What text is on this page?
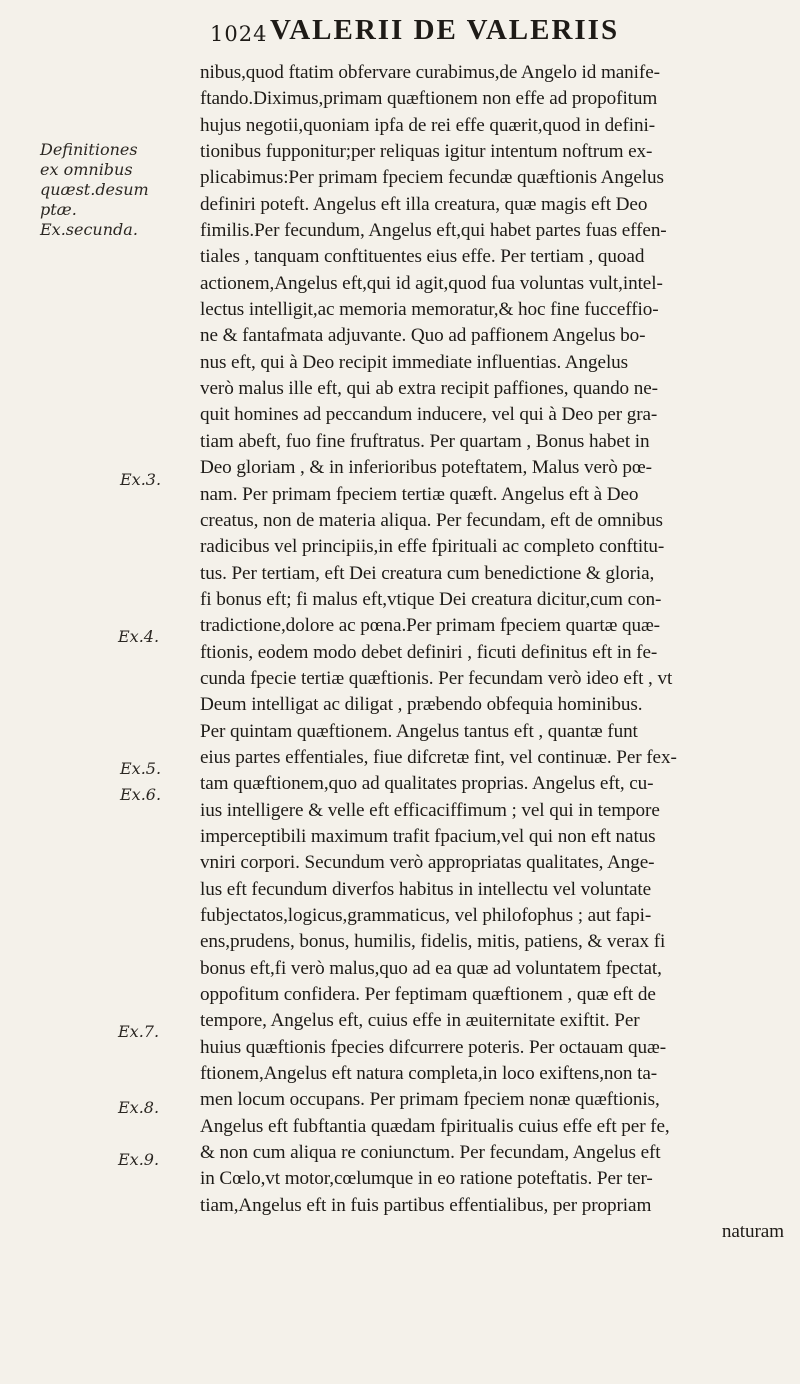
1024 VALERII DE VALERIIS
Definitiones
ex omnibus
quæst.desum
ptæ.
Ex.secunda.
Ex.3.
Ex.4.
Ex.5.
Ex.6.
Ex.7.
Ex.8.
Ex.9.
nibus,quod ftatim obfervare curabimus,de Angelo id manife-
ftando.Diximus,primam quæftionem non effe ad propofitum
hujus negotii,quoniam ipfa de rei effe quærit,quod in defini-
tionibus fupponitur;per reliquas igitur intentum noftrum ex-
plicabimus:Per primam fpeciem fecundæ quæftionis Angelus
definiri poteft. Angelus eft illa creatura, quæ magis eft Deo
fimilis.Per fecundum, Angelus eft,qui habet partes fuas effen-
tiales , tanquam conftituentes eius effe. Per tertiam , quoad
actionem,Angelus eft,qui id agit,quod fua voluntas vult,intel-
lectus intelligit,ac memoria memoratur,& hoc fine fucceffio-
ne & fantafmata adjuvante. Quo ad paffionem Angelus bo-
nus eft, qui à Deo recipit immediate influentias. Angelus
verò malus ille eft, qui ab extra recipit paffiones, quando ne-
quit homines ad peccandum inducere, vel qui à Deo per gra-
tiam abeft, fuo fine fruftratus. Per quartam , Bonus habet in
Deo gloriam , & in inferioribus poteftatem, Malus verò pœ-
nam. Per primam fpeciem tertiæ quæft. Angelus eft à Deo
creatus, non de materia aliqua. Per fecundam, eft de omnibus
radicibus vel principiis,in effe fpirituali ac completo conftitu-
tus. Per tertiam, eft Dei creatura cum benedictione & gloria,
fi bonus eft; fi malus eft,vtique Dei creatura dicitur,cum con-
tradictione,dolore ac pœna.Per primam fpeciem quartæ quæ-
ftionis, eodem modo debet definiri , ficuti definitus eft in fe-
cunda fpecie tertiæ quæftionis. Per fecundam verò ideo eft , vt
Deum intelligat ac diligat , præbendo obfequia hominibus.
Per quintam quæftionem. Angelus tantus eft , quantæ funt
eius partes effentiales, fiue difcretæ fint, vel continuæ. Per fex-
tam quæftionem,quo ad qualitates proprias. Angelus eft, cu-
ius intelligere & velle eft efficaciffimum ; vel qui in tempore
imperceptibili maximum trafit fpacium,vel qui non eft natus
vniri corpori. Secundum verò appropriatas qualitates, Ange-
lus eft fecundum diverfos habitus in intellectu vel voluntate
fubjectatos,logicus,grammaticus, vel philofophus ; aut fapi-
ens,prudens, bonus, humilis, fidelis, mitis, patiens, & verax fi
bonus eft,fi verò malus,quo ad ea quæ ad voluntatem fpectat,
oppofitum confidera. Per feptimam quæftionem , quæ eft de
tempore, Angelus eft, cuius effe in æuiternitate exiftit. Per
huius quæftionis fpecies difcurrere poteris. Per octauam quæ-
ftionem,Angelus eft natura completa,in loco exiftens,non ta-
men locum occupans. Per primam fpeciem nonæ quæftionis,
Angelus eft fubftantia quædam fpiritualis cuius effe eft per fe,
& non cum aliqua re coniunctum. Per fecundam, Angelus eft
in Cœlo,vt motor,cœlumque in eo ratione poteftatis. Per ter-
tiam,Angelus eft in fuis partibus effentialibus, per propriam
naturam
